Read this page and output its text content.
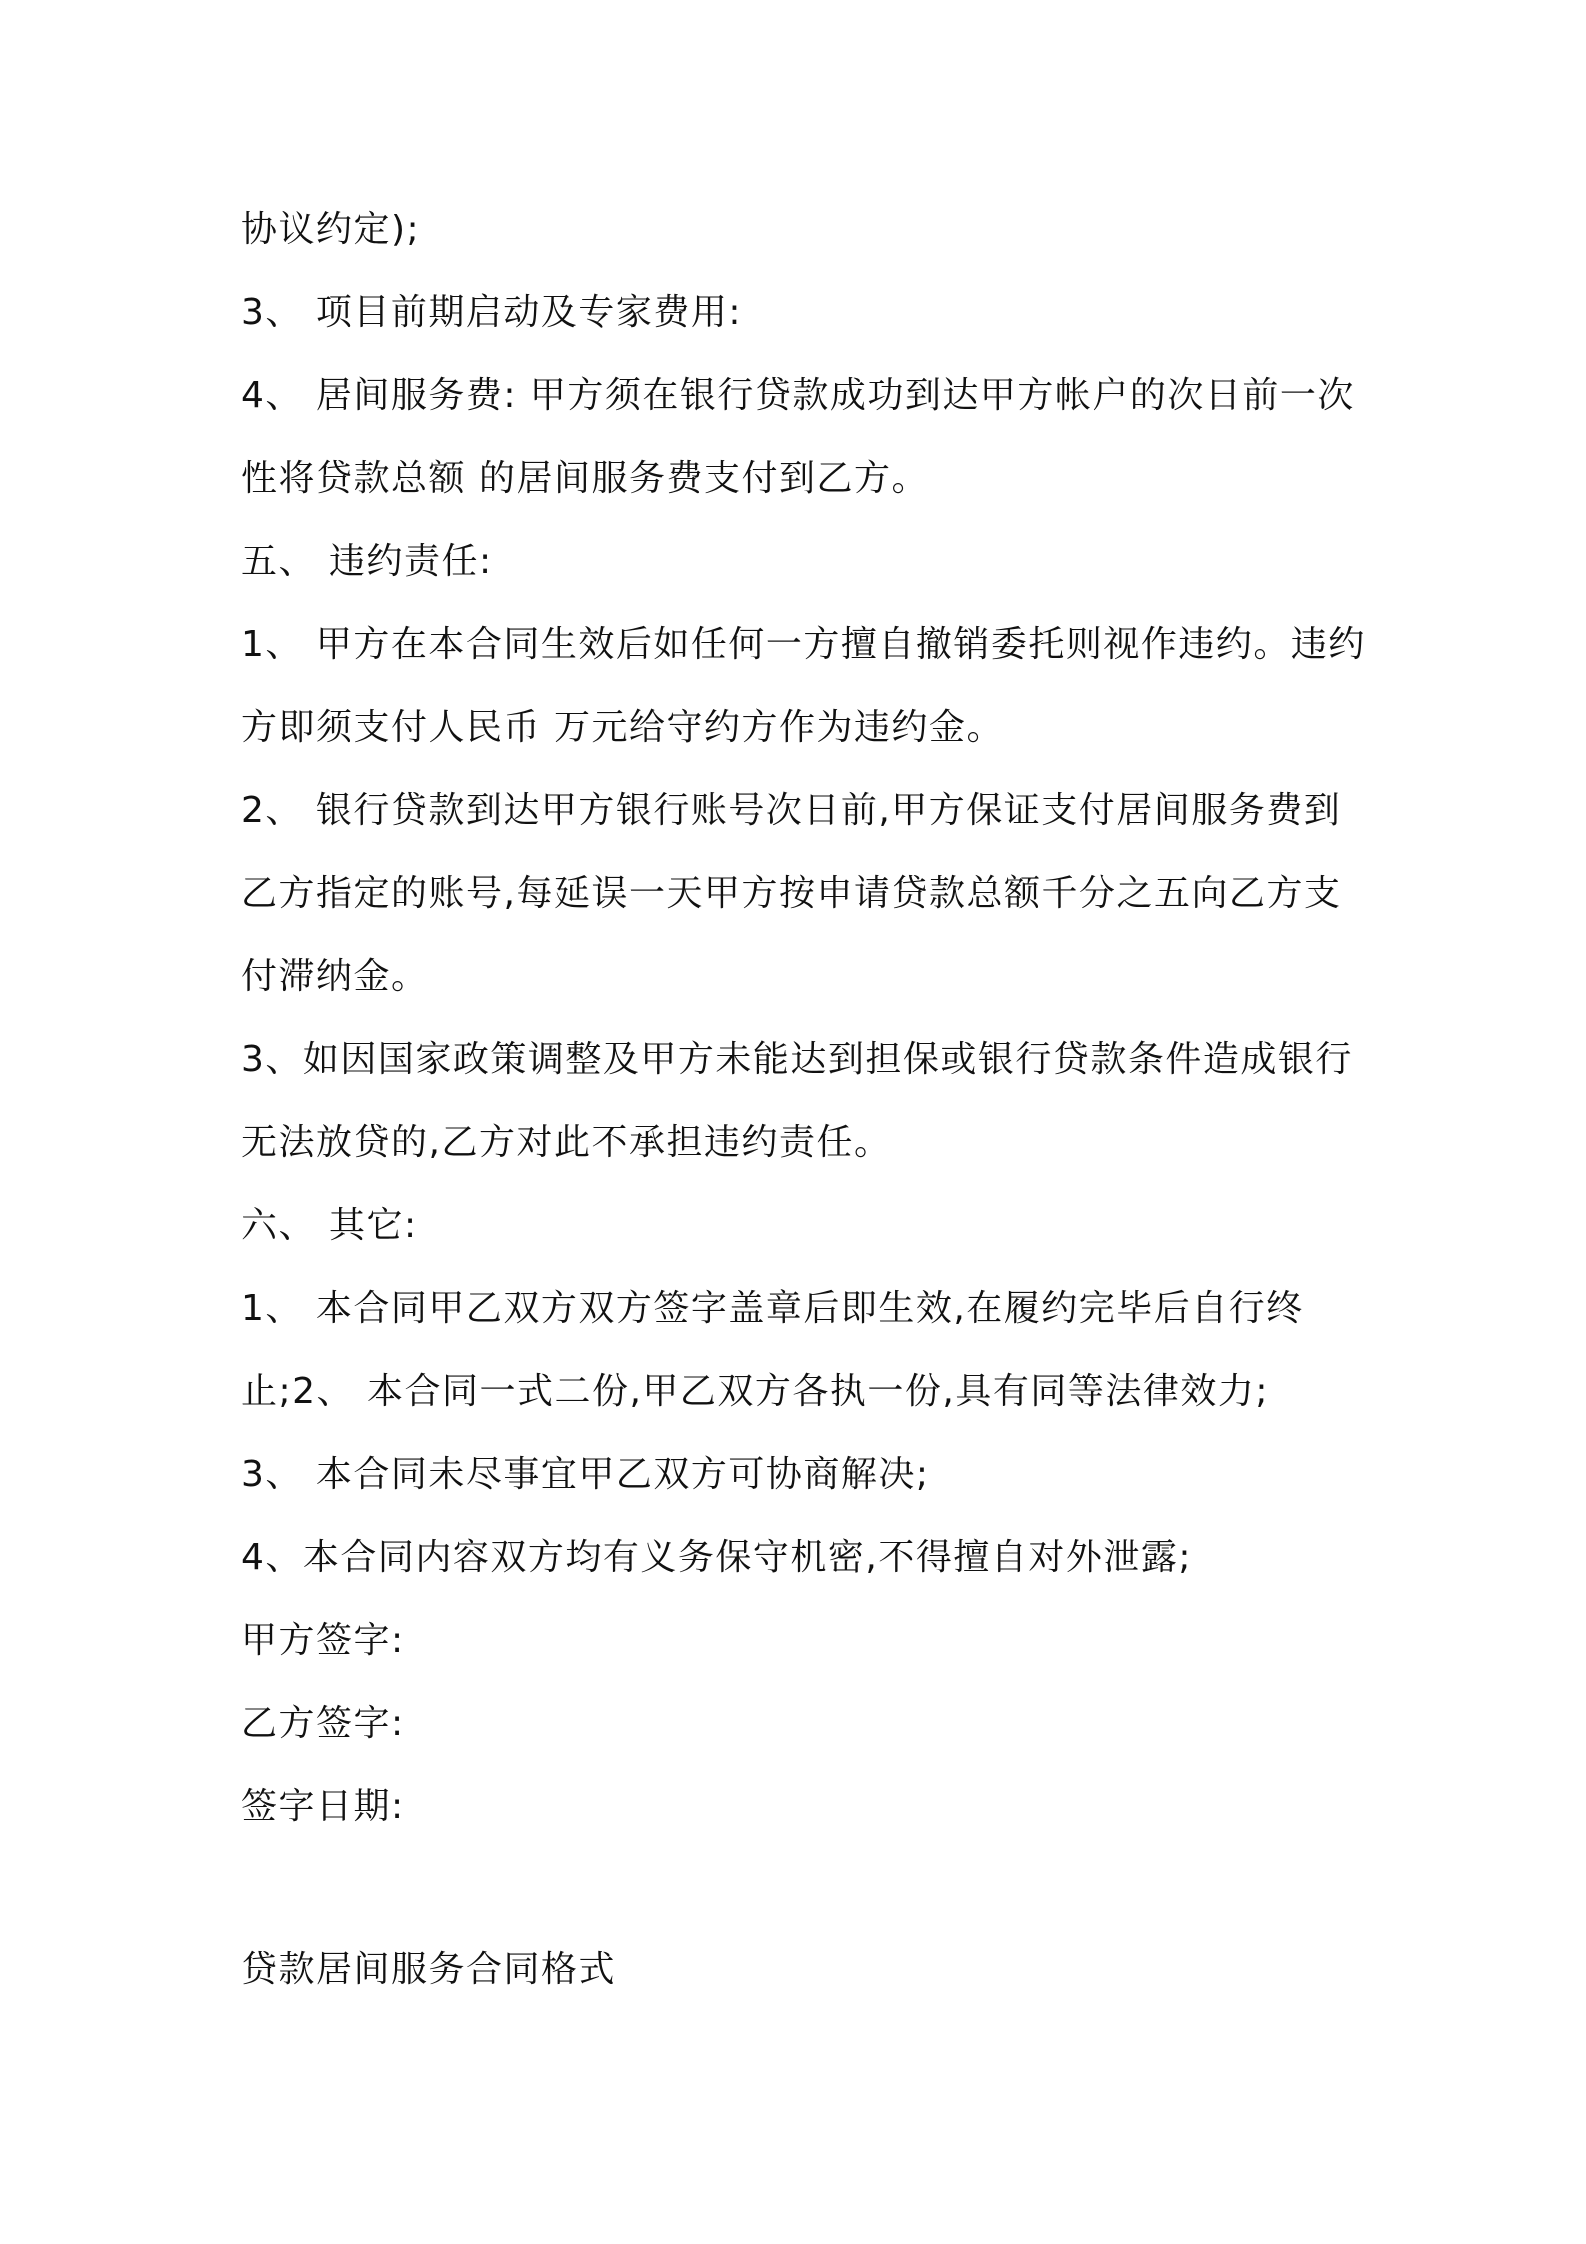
协议约定);

3、 项目前期启动及专家费用:

4、 居间服务费: 甲方须在银行贷款成功到达甲方帐户的次日前一次

性将贷款总额 的居间服务费支付到乙方。

五、 违约责任:

1、 甲方在本合同生效后如任何一方擅自撤销委托则视作违约。违约

方即须支付人民币 万元给守约方作为违约金。

2、 银行贷款到达甲方银行账号次日前,甲方保证支付居间服务费到

乙方指定的账号,每延误一天甲方按申请贷款总额千分之五向乙方支

付滞纳金。

3、如因国家政策调整及甲方未能达到担保或银行贷款条件造成银行

无法放贷的,乙方对此不承担违约责任。

六、 其它:

1、 本合同甲乙双方双方签字盖章后即生效,在履约完毕后自行终

止;2、 本合同一式二份,甲乙双方各执一份,具有同等法律效力;

3、 本合同未尽事宜甲乙双方可协商解决;

4、本合同内容双方均有义务保守机密,不得擅自对外泄露;

甲方签字:

乙方签字:

签字日期:

贷款居间服务合同格式
